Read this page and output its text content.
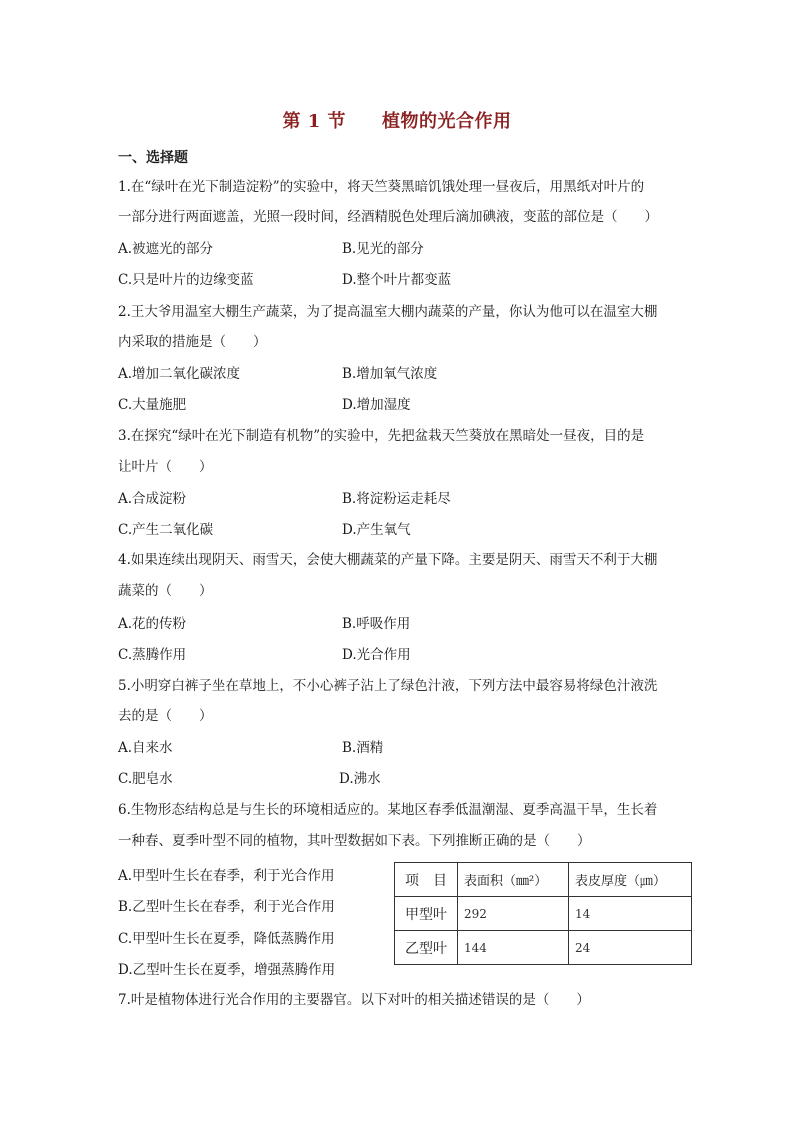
第 1 节 植物的光合作用
一、选择题
1.在“绿叶在光下制造淀粉”的实验中，将天竺葵黑暗饥饿处理一昼夜后，用黑纸对叶片的
一部分进行两面遮盖，光照一段时间，经酒精脱色处理后滴加碘液，变蓝的部位是（　　）
A.被遮光的部分	B.见光的部分
C.只是叶片的边缘变蓝	D.整个叶片都变蓝
2.王大爷用温室大棚生产蔬菜，为了提高温室大棚内蔬菜的产量，你认为他可以在温室大棚
内采取的措施是（　　）
A.增加二氧化碳浓度	B.增加氧气浓度
C.大量施肥	D.增加湿度
3.在探究“绿叶在光下制造有机物”的实验中，先把盆栽天竺葵放在黑暗处一昼夜，目的是
让叶片（　　）
A.合成淀粉	B.将淀粉运走耗尽
C.产生二氧化碳	D.产生氧气
4.如果连续出现阴天、雨雪天，会使大棚蔬菜的产量下降。主要是阴天、雨雪天不利于大棚
蔬菜的（　　）
A.花的传粉	B.呼吸作用
C.蒸腾作用	D.光合作用
5.小明穿白裤子坐在草地上，不小心裤子沾上了绿色汁液，下列方法中最容易将绿色汁液洗
去的是（　　）
A.自来水	B.酒精
C.肥皂水	D.沸水
6.生物形态结构总是与生长的环境相适应的。某地区春季低温潮湿、夏季高温干旱，生长着
一种春、夏季叶型不同的植物，其叶型数据如下表。下列推断正确的是（　　）
A.甲型叶生长在春季，利于光合作用
B.乙型叶生长在春季，利于光合作用
C.甲型叶生长在夏季，降低蒸腾作用
D.乙型叶生长在夏季，增强蒸腾作用
项　目	表面积（㎜²）	表皮厚度（㎛）
甲型叶	292	14
乙型叶	144	24
7.叶是植物体进行光合作用的主要器官。以下对叶的相关描述错误的是（　　）
